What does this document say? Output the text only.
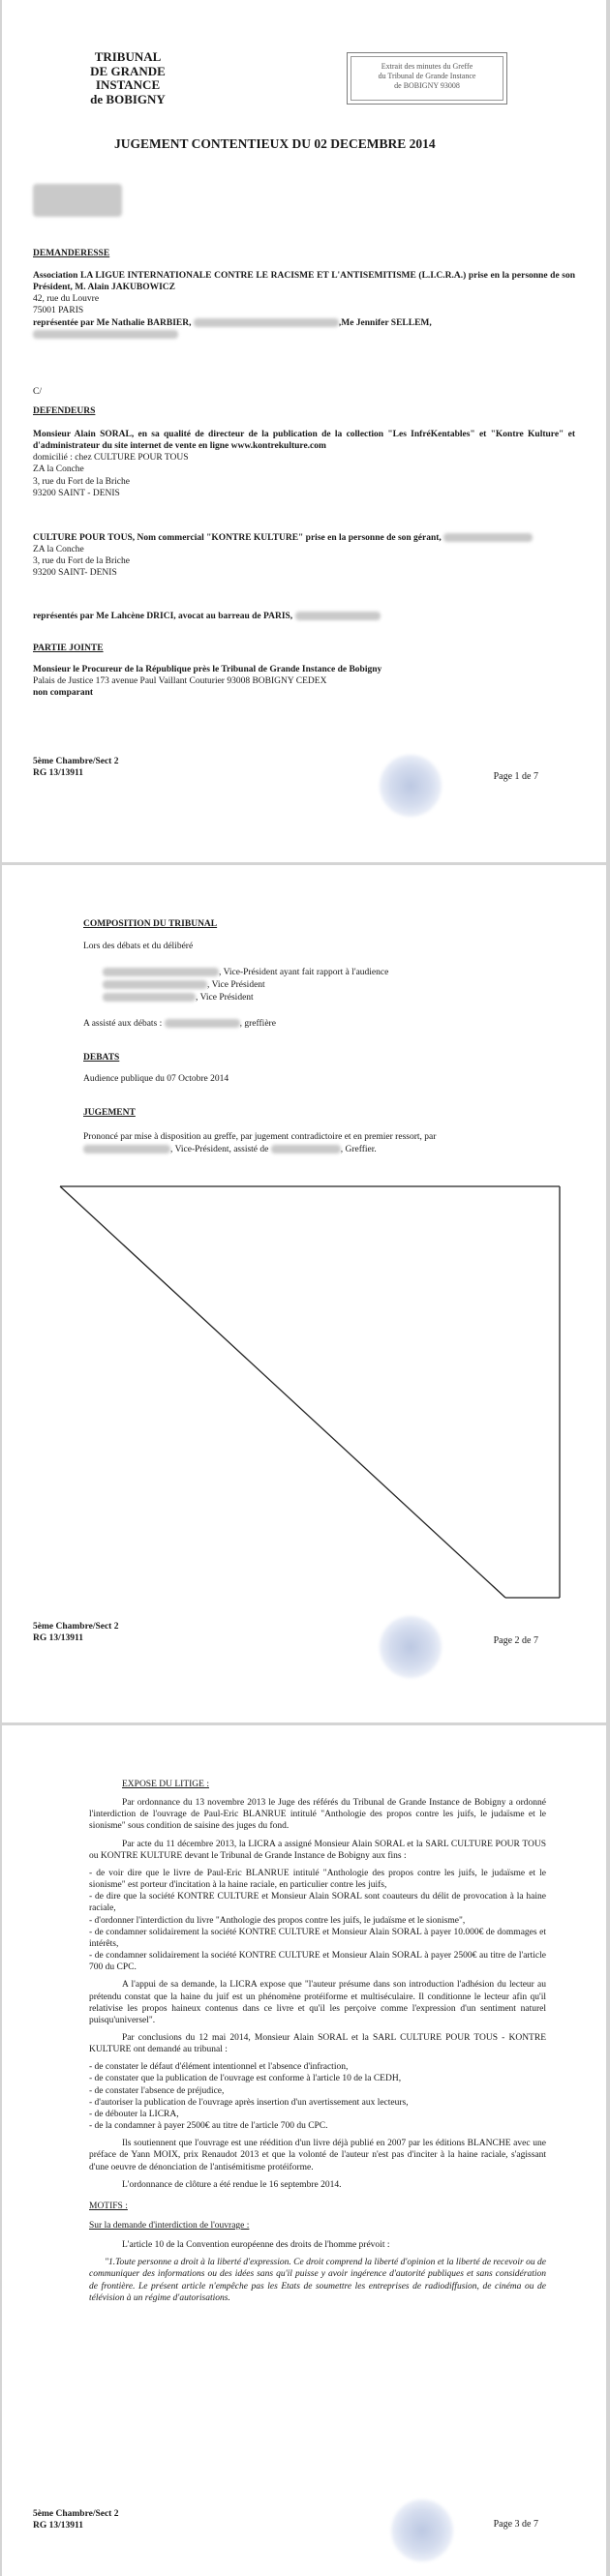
TRIBUNAL
DE GRANDE INSTANCE
de BOBIGNY
Extrait des minutes du Greffe
du Tribunal de Grande Instance
de BOBIGNY 93008
JUGEMENT CONTENTIEUX DU 02 DECEMBRE 2014
DEMANDERESSE

Association LA LIGUE INTERNATIONALE CONTRE LE RACISME ET L'ANTISEMITISME (L.I.C.R.A.) prise en la personne de son Président, M. Alain JAKUBOWICZ

42, rue du Louvre

75001 PARIS

représentée par Me Nathalie BARBIER,	,Me Jennifer SELLEM,

C/
DEFENDEURS

Monsieur Alain SORAL, en sa qualité de directeur de la publication de la collection "Les InfréKentables" et "Kontre Kulture" et d'administrateur du site internet de vente en ligne www.kontrekulture.com

domicilié : chez CULTURE POUR TOUS

ZA la Conche

3, rue du Fort de la Briche

93200 SAINT - DENIS

CULTURE POUR TOUS, Nom commercial "KONTRE KULTURE" prise en la personne de son gérant,

ZA la Conche

3, rue du Fort de la Briche

93200 SAINT- DENIS

représentés par Me Lahcène DRICI, avocat au barreau de PARIS,
PARTIE JOINTE

Monsieur le Procureur de la République près le Tribunal de Grande Instance de Bobigny

Palais de Justice 173 avenue Paul Vaillant Couturier 93008 BOBIGNY CEDEX

non comparant

5ème Chambre/Sect 2
RG 13/13911	Page 1 de 7
COMPOSITION DU TRIBUNAL
Lors des débats et du délibéré
, Vice-Président ayant fait rapport à l'audience
, Vice Président
, Vice Président
A assisté aux débats :	, greffière
DEBATS
Audience publique du 07 Octobre 2014
JUGEMENT
Prononcé par mise à disposition au greffe, par jugement contradictoire et en premier ressort, par
, Vice-Président, assisté de	, Greffier.
5ème Chambre/Sect 2
RG 13/13911	Page 2 de 7

EXPOSE DU LITIGE :

Par ordonnance du 13 novembre 2013 le Juge des référés du Tribunal de Grande Instance de Bobigny a ordonné l'interdiction de l'ouvrage de Paul-Eric BLANRUE intitulé "Anthologie des propos contre les juifs, le judaïsme et le sionisme" sous condition de saisine des juges du fond.

Par acte du 11 décembre 2013, la LICRA a assigné Monsieur Alain SORAL et la SARL CULTURE POUR TOUS ou KONTRE KULTURE devant le Tribunal de Grande Instance de Bobigny aux fins :

- de voir dire que le livre de Paul-Eric BLANRUE intitulé "Anthologie des propos contre les juifs, le judaïsme et le sionisme" est porteur d'incitation à la haine raciale, en particulier contre les juifs,
- de dire que la société KONTRE CULTURE et Monsieur Alain SORAL sont coauteurs du délit de provocation à la haine raciale,
- d'ordonner l'interdiction du livre "Anthologie des propos contre les juifs, le judaïsme et le sionisme",
- de condamner solidairement la société KONTRE CULTURE et Monsieur Alain SORAL à payer 10.000€ de dommages et intérêts,
- de condamner solidairement la société KONTRE CULTURE et Monsieur Alain SORAL à payer 2500€ au titre de l'article 700 du CPC.

A l'appui de sa demande, la LICRA expose que "l'auteur présume dans son introduction l'adhésion du lecteur au prétendu constat que la haine du juif est un phénomène protéiforme et multiséculaire. Il conditionne le lecteur afin qu'il relativise les propos haineux contenus dans ce livre et qu'il les perçoive comme l'expression d'un sentiment naturel puisqu'universel".

Par conclusions du 12 mai 2014, Monsieur Alain SORAL et la SARL CULTURE POUR TOUS - KONTRE KULTURE ont demandé au tribunal :

- de constater le défaut d'élément intentionnel et l'absence d'infraction,
- de constater que la publication de l'ouvrage est conforme à l'article 10 de la CEDH,
- de constater l'absence de préjudice,
- d'autoriser la publication de l'ouvrage après insertion d'un avertissement aux lecteurs,
- de débouter la LICRA,
- de la condamner à payer 2500€ au titre de l'article 700 du CPC.

Ils soutiennent que l'ouvrage est une réédition d'un livre déjà publié en 2007 par les éditions BLANCHE avec une préface de Yann MOIX, prix Renaudot 2013 et que la volonté de l'auteur n'est pas d'inciter à la haine raciale, s'agissant d'une oeuvre de dénonciation de l'antisémitisme protéiforme.

L'ordonnance de clôture a été rendue le 16 septembre 2014.

MOTIFS :

Sur la demande d'interdiction de l'ouvrage :

L'article 10 de la Convention européenne des droits de l'homme prévoit :

"1.Toute personne a droit à la liberté d'expression. Ce droit comprend la liberté d'opinion et la liberté de recevoir ou de communiquer des informations ou des idées sans qu'il puisse y avoir ingérence d'autorité publiques et sans considération de frontière. Le présent article n'empêche pas les Etats de soumettre les entreprises de radiodiffusion, de cinéma ou de télévision à un régime d'autorisations.

5ème Chambre/Sect 2
RG 13/13911	Page 3 de 7
